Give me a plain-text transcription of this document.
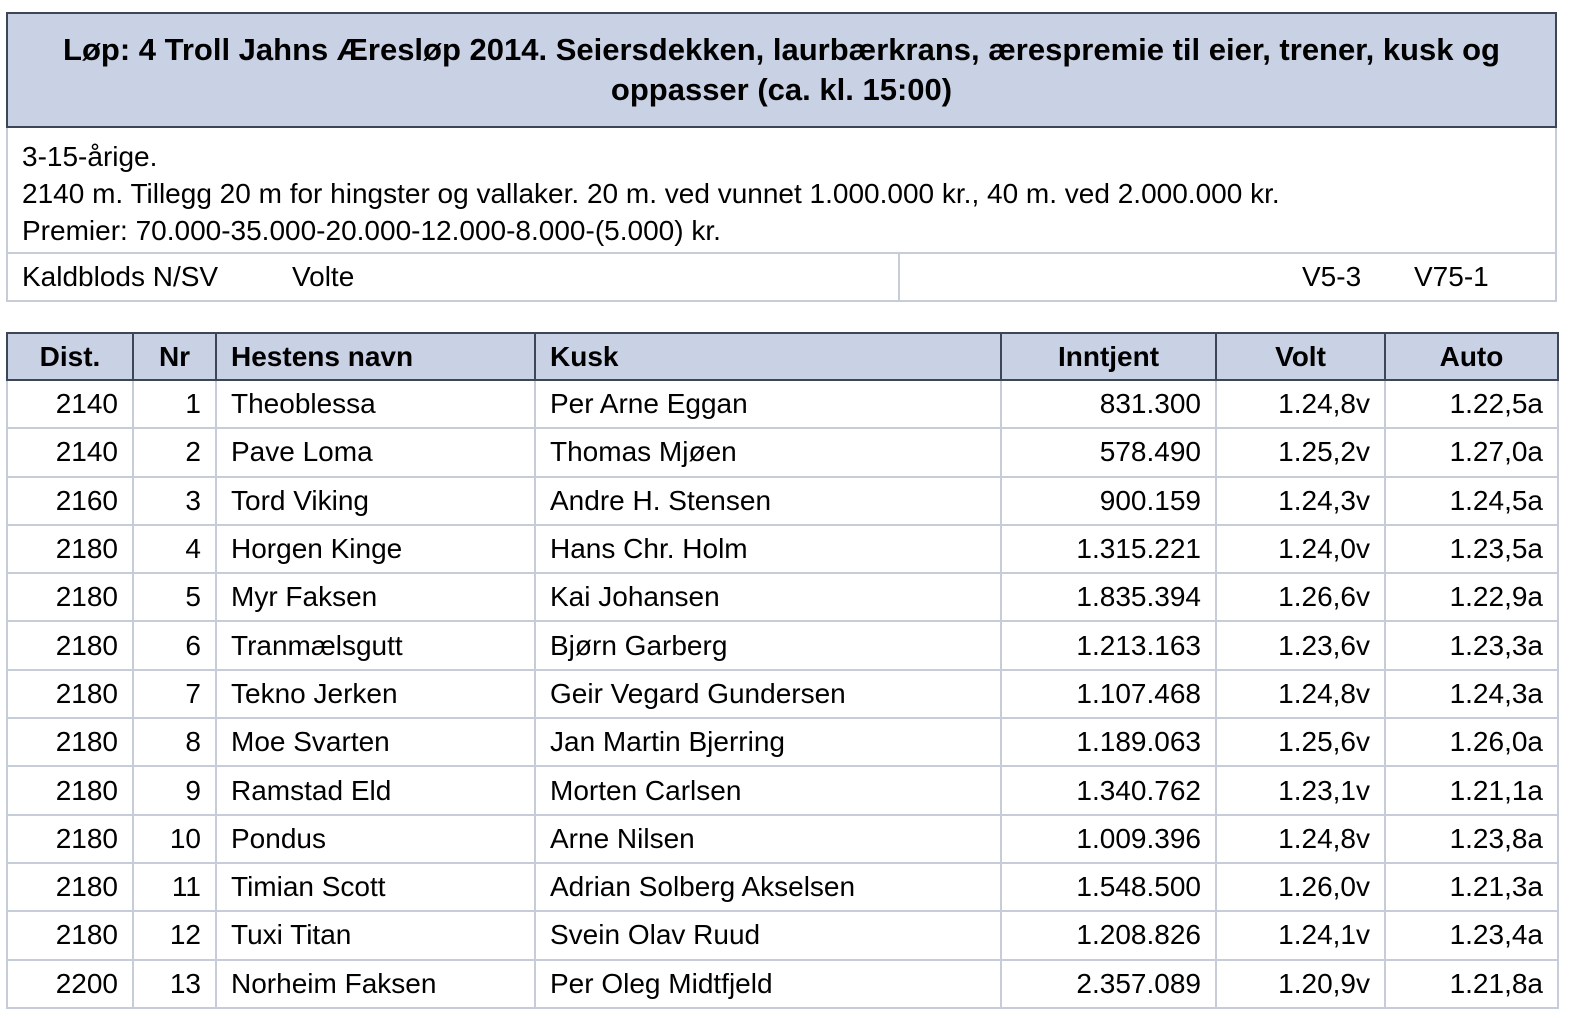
Løp: 4 Troll Jahns Æresløp 2014. Seiersdekken, laurbærkrans, ærespremie til eier, trener, kusk og oppasser (ca. kl. 15:00)
3-15-årige.
2140 m. Tillegg 20 m for hingster og vallaker. 20 m. ved vunnet 1.000.000 kr., 40 m. ved 2.000.000 kr.
Premier: 70.000-35.000-20.000-12.000-8.000-(5.000) kr.
Kaldblods N/SV	Volte	V5-3 V75-1
Dist.	Nr	Hestens navn	Kusk	Inntjent	Volt	Auto
2140	1	Theoblessa	Per Arne Eggan	831.300	1.24,8v	1.22,5a
2140	2	Pave Loma	Thomas Mjøen	578.490	1.25,2v	1.27,0a
2160	3	Tord Viking	Andre H. Stensen	900.159	1.24,3v	1.24,5a
2180	4	Horgen Kinge	Hans Chr. Holm	1.315.221	1.24,0v	1.23,5a
2180	5	Myr Faksen	Kai Johansen	1.835.394	1.26,6v	1.22,9a
2180	6	Tranmælsgutt	Bjørn Garberg	1.213.163	1.23,6v	1.23,3a
2180	7	Tekno Jerken	Geir Vegard Gundersen	1.107.468	1.24,8v	1.24,3a
2180	8	Moe Svarten	Jan Martin Bjerring	1.189.063	1.25,6v	1.26,0a
2180	9	Ramstad Eld	Morten Carlsen	1.340.762	1.23,1v	1.21,1a
2180	10	Pondus	Arne Nilsen	1.009.396	1.24,8v	1.23,8a
2180	11	Timian Scott	Adrian Solberg Akselsen	1.548.500	1.26,0v	1.21,3a
2180	12	Tuxi Titan	Svein Olav Ruud	1.208.826	1.24,1v	1.23,4a
2200	13	Norheim Faksen	Per Oleg Midtfjeld	2.357.089	1.20,9v	1.21,8a
